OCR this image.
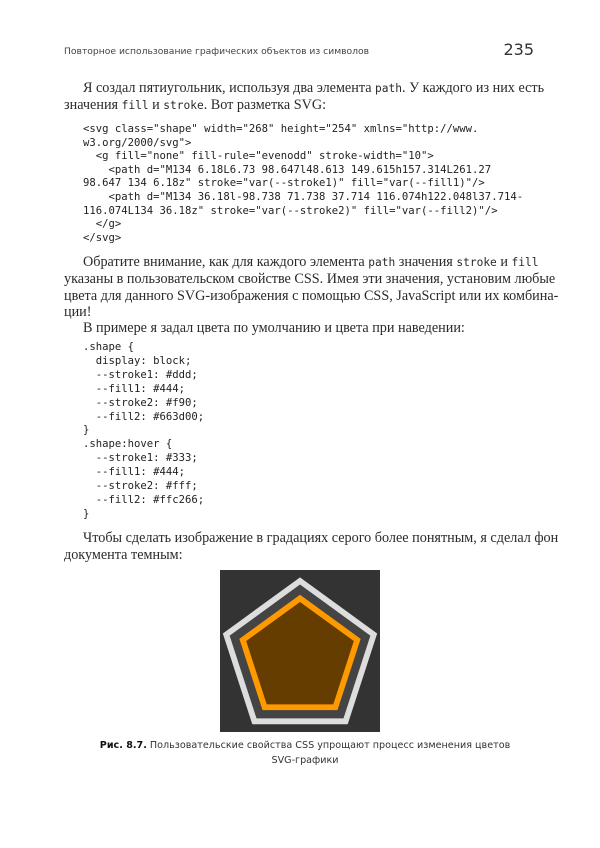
Повторное использование графических объектов из символов	235
Я создал пятиугольник, используя два элемента path. У каждого из них есть
значения fill и stroke. Вот разметка SVG:
Обратите внимание, как для каждого элемента path значения stroke и fill
указаны в пользовательском свойстве CSS. Имея эти значения, установим любые
цвета для данного SVG-изображения с помощью CSS, JavaScript или их комбина-
ции!
В примере я задал цвета по умолчанию и цвета при наведении:
Чтобы сделать изображение в градациях серого более понятным, я сделал фон
документа темным:
<svg class="shape" width="268" height="254" xmlns="http://www.
w3.org/2000/svg">
<g fill="none" fill-rule="evenodd" stroke-width="10">
<path d="M134 6.18L6.73 98.647l48.613 149.615h157.314L261.27
98.647 134 6.18z" stroke="var(--stroke1)" fill="var(--fill1)"/>
<path d="M134 36.18l-98.738 71.738 37.714 116.074h122.048l37.714-
116.074L134 36.18z" stroke="var(--stroke2)" fill="var(--fill2)"/>
</g>
</svg>
.shape {
display: block;
--stroke1: #ddd;
--fill1: #444;
--stroke2: #f90;
--fill2: #663d00;
}
.shape:hover {
--stroke1: #333;
--fill1: #444;
--stroke2: #fff;
--fill2: #ffc266;
}
Рис. 8.7. Пользовательские свойства CSS упрощают процесс изменения цветов
SVG-графики
